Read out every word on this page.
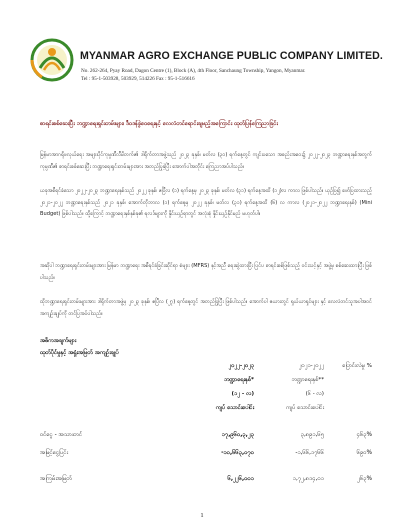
MYANMAR AGRO EXCHANGE PUBLIC COMPANY LIMITED.
No. 262-264, Pyay Road, Dagon Centre (1), Block (A), 4th Floor, Sanchaung Township, Yangon, Myanmar.
Tel : 95-1-503928, 503929, 514226 Fax : 95-1-516616
စာရင်းစစ်ဆေးပြီး ဘဏ္ဍာရေးရှင်းတမ်းများ၊ ဒီဝဒန်ခွဲဝေရေးနှင့် လေလံတင်ရောင်းချမည့်အကြောင်း ထုတ်ပြန်ကြေညာခြင်း
မြန်မာအာဂရိုဖလှယ်ရေး အများပိုင်ကုမ္ပဏီလီမိတက်၏ ဒါရိုက်တာအဖွဲ့သည် ၂၀၂၃ ခုနှစ်၊ မတ်လ (၃၀) ရက်နေ့တွင် ကျင်းပသော အစည်းအဝေး၌ ၂၀၂၂-၂၀၂၃ ဘဏ္ဍာရေးနှစ်အတွက် ကုမ္ပဏီ၏ စာရင်းစစ်ဆေးပြီး ဘဏ္ဍာရေးရှင်းတမ်းများအား အတည်ပြုခဲ့ပြီး အောက်ပါအတိုင်း ကြေညာအပ်ပါသည်။
ယခုအစီရင်ခံသော ၂၀၂၂-၂၀၂၃ ဘဏ္ဍာရေးနှစ်သည် ၂၀၂၂ ခုနှစ်၊ ဧပြီလ (၁) ရက်နေ့မှ ၂၀၂၃ ခုနှစ်၊ မတ်လ (၃၁) ရက်နေ့အထိ (၁၂)လ ကာလ ဖြစ်ပါသည်။ ယှဉ်ပြ၍ ဖော်ပြထားသည့် ၂၀၂၁-၂၀၂၂ ဘဏ္ဍာရေးနှစ်သည် ၂၀၂၁ ခုနှစ်၊ အောက်တိုဘာလ (၁) ရက်နေ့မှ ၂၀၂၂ ခုနှစ်၊ မတ်လ (၃၁) ရက်နေ့အထိ (၆) လ ကာလ (၂၀၂၁-၂၀၂၂ ဘဏ္ဍာရေးနှစ်) (Mini Budget) ဖြစ်ပါသည်။ ထို့ကြောင့် ဘဏ္ဍာရေးနှစ်နှစ်ခု၏ ရလဒ်များကို နှိုင်းယှဉ်ရာတွင် အလုံးစုံ နှိုင်းယှဉ်နိုင်မည် မဟုတ်ပါ။
အဆိုပါ ဘဏ္ဍာရေးရှင်းတမ်းများအား မြန်မာ ဘဏ္ဍာရေး အစီရင်ခံခြင်းဆိုင်ရာ စံများ (MFRS) နှင့်အညီ ရေးဆွဲထားပြီး ပြင်ပ စာရင်းစစ်ဖြစ်သည့် ဝင်းသင့်နှင့် အဖွဲ့မှ စစ်ဆေးထားပြီး ဖြစ်ပါသည်။
ထိုဘဏ္ဍာရေးရှင်းတမ်းများအား ဒါရိုက်တာအဖွဲ့မှ ၂၀၂၃ ခုနှစ်၊ ဧပြီလ (၂၇) ရက်နေ့တွင် အတည်ပြုပြီး ဖြစ်ပါသည်။ အောက်ပါ ဇယားတွင် ရှယ်ယာရှင်များ နှင့် လေလံတင်သူအပါအဝင် အကျဉ်းချုပ်ကို တင်ပြအပ်ပါသည်။
အဓိကအချက်များ
ထုတ်ပိုင်မှုနှင့် အရှုံးအမြတ် အကျဉ်းချုပ်
၂၀၂၂-၂၀၂၃	၂၀၂၁-၂၀၂၂	ပြောင်းလဲမှု %
ဘဏ္ဍာရေးနှစ်*	ဘဏ္ဍာရေးနှစ်**
(၁၂ - လ)	(၆ - လ)
ကျပ် သောင်းပေါင်း	ကျပ် သောင်းပေါင်း
ဝင်ငွေ - အသားတင်	၁၇,၉၆၀,၃,၂၃	၃,၈၉၁,၆၅	၄၆၃%
အမြင့်ငွေပြင်း	-၁၀,၆၆၃,၀၇၀	-၁,၆၆,၁၇၆၆	၆၉၀%
အကြမ်းအမြတ်	၆,၂၂၆,၀၀၁	၁,၇၂,၈၁၄,၀၁	၂၆၃%
1
